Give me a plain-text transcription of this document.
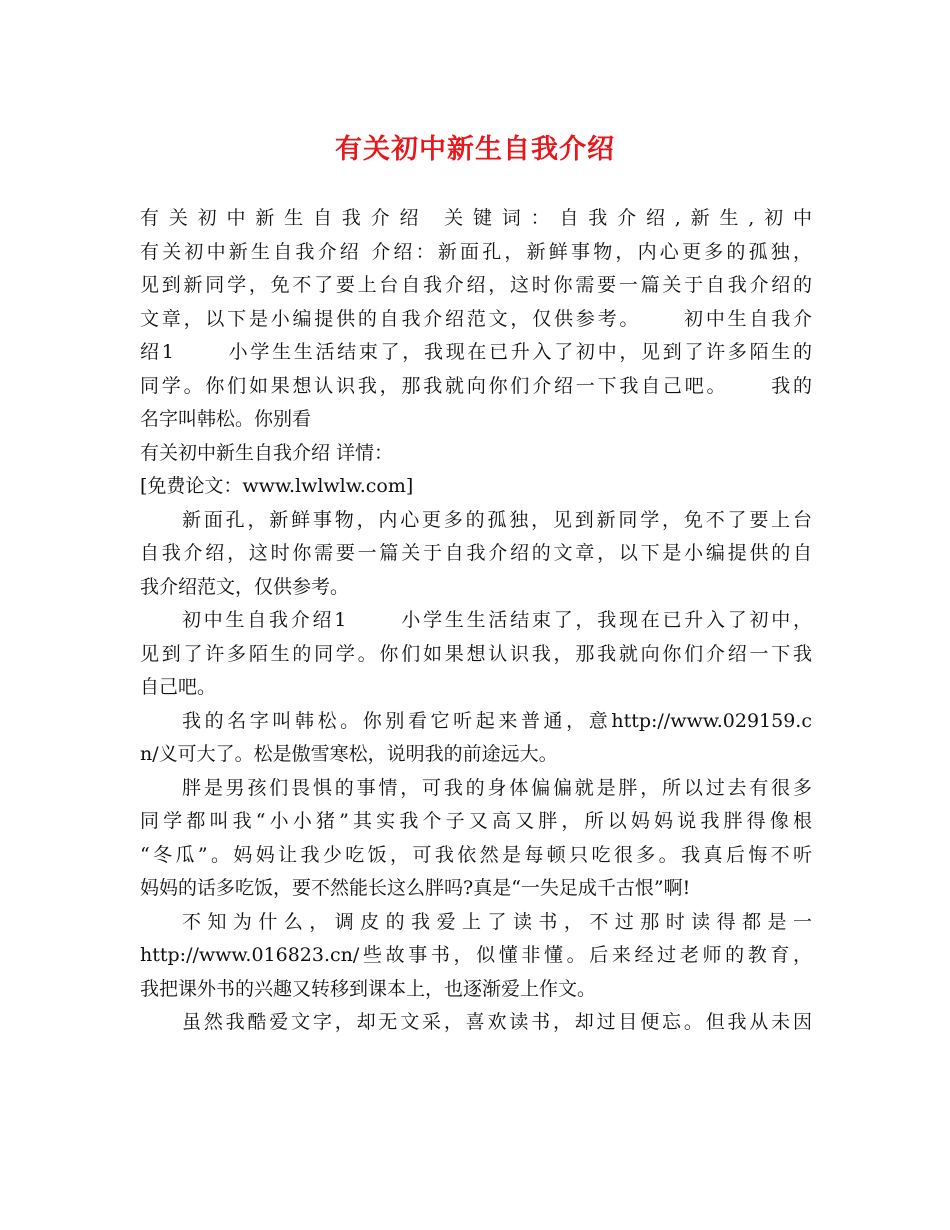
有关初中新生自我介绍
有关初中新生自我介绍 关键词：自我介绍,新生,初中
有关初中新生自我介绍 介绍：新面孔，新鲜事物，内心更多的孤独，
见到新同学，免不了要上台自我介绍，这时你需要一篇关于自我介绍的
文章，以下是小编提供的自我介绍范文，仅供参考。　　 初中生自我介
绍1　　 小学生生活结束了，我现在已升入了初中，见到了许多陌生的
同学。你们如果想认识我，那我就向你们介绍一下我自己吧。　　 我的
名字叫韩松。你别看
有关初中新生自我介绍 详情：
[免费论文：www.lwlwlw.com]
新面孔，新鲜事物，内心更多的孤独，见到新同学，免不了要上台
自我介绍，这时你需要一篇关于自我介绍的文章，以下是小编提供的自
我介绍范文，仅供参考。
初中生自我介绍1　　 小学生生活结束了，我现在已升入了初中，
见到了许多陌生的同学。你们如果想认识我，那我就向你们介绍一下我
自己吧。
我的名字叫韩松。你别看它听起来普通，意http://www.029159.c
n/义可大了。松是傲雪寒松，说明我的前途远大。
胖是男孩们畏惧的事情，可我的身体偏偏就是胖，所以过去有很多
同学都叫我“小小猪”其实我个子又高又胖，所以妈妈说我胖得像根
“冬瓜”。妈妈让我少吃饭，可我依然是每顿只吃很多。我真后悔不听
妈妈的话多吃饭，要不然能长这么胖吗?真是“一失足成千古恨”啊!
不知为什么，调皮的我爱上了读书，不过那时读得都是一
http://www.016823.cn/些故事书，似懂非懂。后来经过老师的教育，
我把课外书的兴趣又转移到课本上，也逐渐爱上作文。
虽然我酷爱文字，却无文采，喜欢读书，却过目便忘。但我从未因
